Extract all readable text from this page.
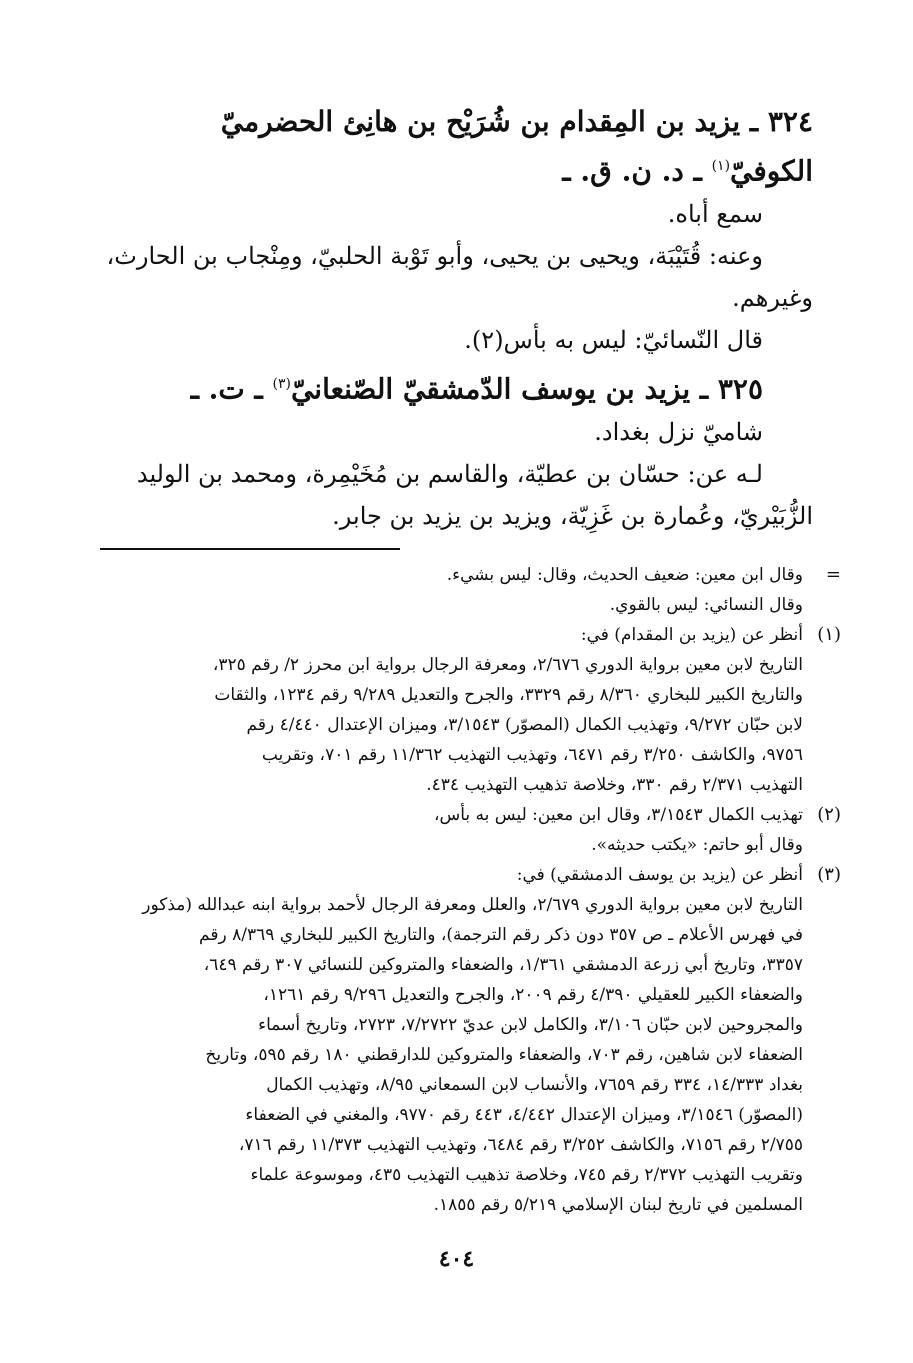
٣٢٤ ـ يزيد بن المِقدام بن شُرَيْح بن هانِئ الحضرميّ
الكوفيّ$^{(١)}$ ـ د. ن. ق. ـ
سمع أباه.
وعنه: قُتَيْبَة، ويحيى بن يحيى، وأبو تَوْبة الحلبيّ، ومِنْجاب بن الحارث،
وغيرهم.
قال النّسائيّ: ليس به بأس(٢).
٣٢٥ ـ يزيد بن يوسف الدّمشقيّ الصّنعانيّ$^{(٣)}$ ـ ت. ـ
شاميّ نزل بغداد.
لـه عن: حسّان بن عطيّة، والقاسم بن مُخَيْمِرة، ومحمد بن الوليد
الزُّبَيْريّ، وعُمارة بن غَزِيّة، ويزيد بن يزيد بن جابر.
=
وقال ابن معين: ضعيف الحديث، وقال: ليس بشيء.
وقال النسائي: ليس بالقوي.
(١)
أنظر عن (يزيد بن المقدام) في:
التاريخ لابن معين برواية الدوري ٢/٦٧٦، ومعرفة الرجال برواية ابن محرز ٢/ رقم ٣٢٥،
والتاريخ الكبير للبخاري ٨/٣٦٠ رقم ٣٣٢٩، والجرح والتعديل ٩/٢٨٩ رقم ١٢٣٤، والثقات
لابن حبّان ٩/٢٧٢، وتهذيب الكمال (المصوّر) ٣/١٥٤٣، وميزان الإعتدال ٤/٤٤٠ رقم
٩٧٥٦، والكاشف ٣/٢٥٠ رقم ٦٤٧١، وتهذيب التهذيب ١١/٣٦٢ رقم ٧٠١، وتقريب
التهذيب ٢/٣٧١ رقم ٣٣٠، وخلاصة تذهيب التهذيب ٤٣٤.
(٢)
تهذيب الكمال ٣/١٥٤٣، وقال ابن معين: ليس به بأس،
وقال أبو حاتم: «يكتب حديثه».
(٣)
أنظر عن (يزيد بن يوسف الدمشقي) في:
التاريخ لابن معين برواية الدوري ٢/٦٧٩، والعلل ومعرفة الرجال لأحمد برواية ابنه عبدالله (مذكور
في فهرس الأعلام ـ ص ٣٥٧ دون ذكر رقم الترجمة)، والتاريخ الكبير للبخاري ٨/٣٦٩ رقم
٣٣٥٧، وتاريخ أبي زرعة الدمشقي ١/٣٦١، والضعفاء والمتروكين للنسائي ٣٠٧ رقم ٦٤٩،
والضعفاء الكبير للعقيلي ٤/٣٩٠ رقم ٢٠٠٩، والجرح والتعديل ٩/٢٩٦ رقم ١٢٦١،
والمجروحين لابن حبّان ٣/١٠٦، والكامل لابن عديّ ٧/٢٧٢٢، ٢٧٢٣، وتاريخ أسماء
الضعفاء لابن شاهين، رقم ٧٠٣، والضعفاء والمتروكين للدارقطني ١٨٠ رقم ٥٩٥، وتاريخ
بغداد ١٤/٣٣٣، ٣٣٤ رقم ٧٦٥٩، والأنساب لابن السمعاني ٨/٩٥، وتهذيب الكمال
(المصوّر) ٣/١٥٤٦، وميزان الإعتدال ٤/٤٤٢، ٤٤٣ رقم ٩٧٧٠، والمغني في الضعفاء
٢/٧٥٥ رقم ٧١٥٦، والكاشف ٣/٢٥٢ رقم ٦٤٨٤، وتهذيب التهذيب ١١/٣٧٣ رقم ٧١٦،
وتقريب التهذيب ٢/٣٧٢ رقم ٧٤٥، وخلاصة تذهيب التهذيب ٤٣٥، وموسوعة علماء
المسلمين في تاريخ لبنان الإسلامي ٥/٢١٩ رقم ١٨٥٥.
٤٠٤
